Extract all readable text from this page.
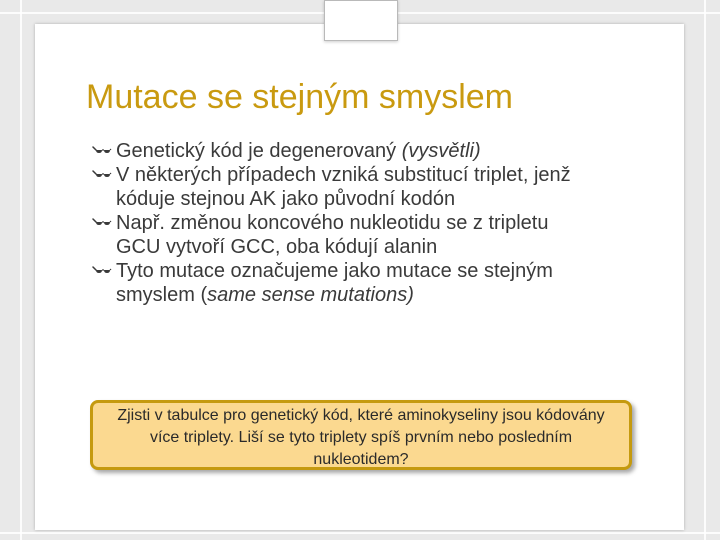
Mutace se stejným smyslem
Genetický kód je degenerovaný (vysvětli)
V některých případech vzniká substitucí triplet, jenž kóduje stejnou AK jako původní kodón
Např. změnou koncového nukleotidu se z tripletu GCU vytvoří GCC, oba kódují alanin
Tyto mutace označujeme jako mutace se stejným smyslem (same sense mutations)
Zjisti v tabulce pro genetický kód, které aminokyseliny jsou kódovány více triplety. Liší se tyto triplety spíš prvním nebo posledním nukleotidem?
